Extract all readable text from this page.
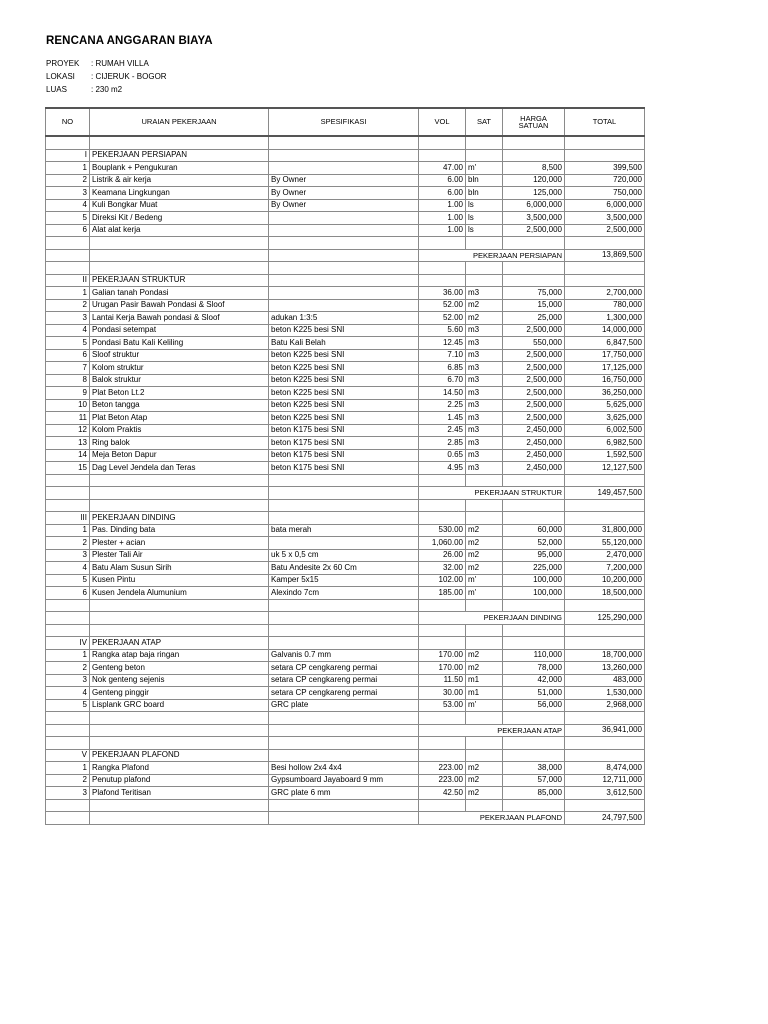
RENCANA ANGGARAN BIAYA
PROYEK : RUMAH VILLA
LOKASI : CIJERUK - BOGOR
LUAS	: 230 m2
NO	URAIAN PEKERJAAN	SPESIFIKASI	VOL	SAT	HARGA SATUAN	TOTAL

I	PEKERJAAN PERSIAPAN					
1	Bouplank + Pengukuran		47.00	m'	8,500	399,500
2	Listrik & air kerja	By Owner	6.00	bln	120,000	720,000
3	Keamana Lingkungan	By Owner	6.00	bln	125,000	750,000
4	Kuli Bongkar Muat	By Owner	1.00	ls	6,000,000	6,000,000
5	Direksi Kit / Bedeng		1.00	ls	3,500,000	3,500,000
6	Alat alat kerja		1.00	ls	2,500,000	2,500,000

			PEKERJAAN PERSIAPAN			13,869,500

II	PEKERJAAN STRUKTUR					
1	Galian tanah Pondasi		36.00	m3	75,000	2,700,000
2	Urugan Pasir Bawah Pondasi & Sloof		52.00	m2	15,000	780,000
3	Lantai Kerja Bawah pondasi & Sloof	adukan 1:3:5	52.00	m2	25,000	1,300,000
4	Pondasi setempat	beton K225 besi SNI	5.60	m3	2,500,000	14,000,000
5	Pondasi Batu Kali Keliling	Batu Kali Belah	12.45	m3	550,000	6,847,500
6	Sloof struktur	beton K225 besi SNI	7.10	m3	2,500,000	17,750,000
7	Kolom struktur	beton K225 besi SNI	6.85	m3	2,500,000	17,125,000
8	Balok struktur	beton K225 besi SNI	6.70	m3	2,500,000	16,750,000
9	Plat Beton Lt.2	beton K225 besi SNI	14.50	m3	2,500,000	36,250,000
10	Beton tangga	beton K225 besi SNI	2.25	m3	2,500,000	5,625,000
11	Plat Beton Atap	beton K225 besi SNI	1.45	m3	2,500,000	3,625,000
12	Kolom Praktis	beton K175 besi SNI	2.45	m3	2,450,000	6,002,500
13	Ring balok	beton K175 besi SNI	2.85	m3	2,450,000	6,982,500
14	Meja Beton Dapur	beton K175 besi SNI	0.65	m3	2,450,000	1,592,500
15	Dag Level Jendela dan Teras	beton K175 besi SNI	4.95	m3	2,450,000	12,127,500

			PEKERJAAN STRUKTUR			149,457,500

III	PEKERJAAN DINDING					
1	Pas. Dinding bata	bata merah	530.00	m2	60,000	31,800,000
2	Plester + acian		1,060.00	m2	52,000	55,120,000
3	Plester Tali Air	uk 5 x 0,5 cm	26.00	m2	95,000	2,470,000
4	Batu Alam Susun Sirih	Batu Andesite 2x 60 Cm	32.00	m2	225,000	7,200,000
5	Kusen Pintu	Kamper 5x15	102.00	m'	100,000	10,200,000
6	Kusen Jendela Alumunium	Alexindo 7cm	185.00	m'	100,000	18,500,000

			PEKERJAAN DINDING			125,290,000

IV	PEKERJAAN ATAP					
1	Rangka atap baja ringan	Galvanis 0.7 mm	170.00	m2	110,000	18,700,000
2	Genteng beton	setara CP cengkareng permai	170.00	m2	78,000	13,260,000
3	Nok genteng sejenis	setara CP cengkareng permai	11.50	m1	42,000	483,000
4	Genteng pinggir	setara CP cengkareng permai	30.00	m1	51,000	1,530,000
5	Lisplank GRC board	GRC plate	53.00	m'	56,000	2,968,000

			PEKERJAAN ATAP			36,941,000

V	PEKERJAAN PLAFOND					
1	Rangka Plafond	Besi hollow 2x4 4x4	223.00	m2	38,000	8,474,000
2	Penutup plafond	Gypsumboard Jayaboard 9 mm	223.00	m2	57,000	12,711,000
3	Plafond Teritisan	GRC plate 6 mm	42.50	m2	85,000	3,612,500

			PEKERJAAN PLAFOND			24,797,500
